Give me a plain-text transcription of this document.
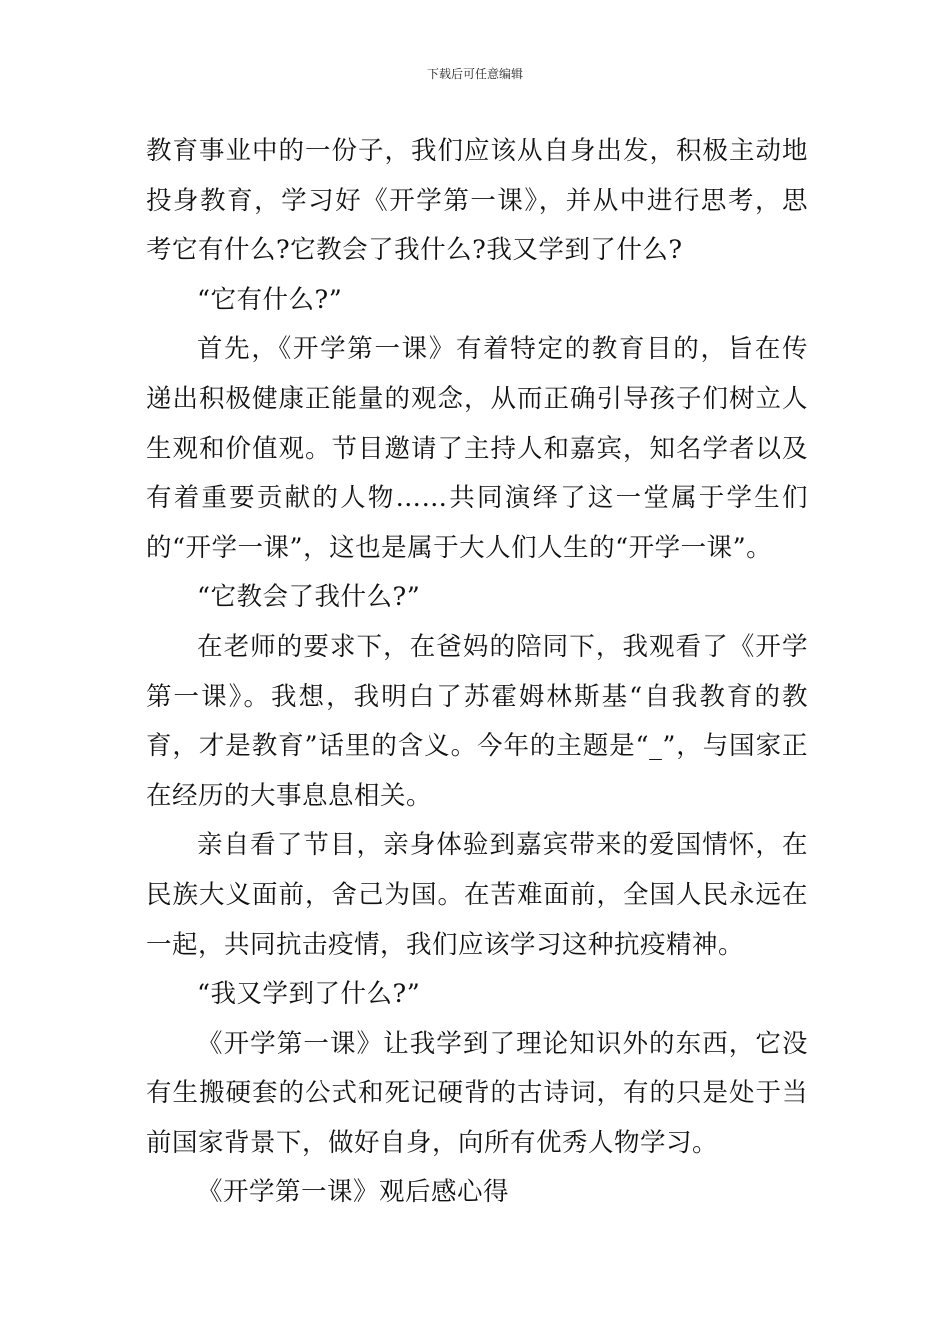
下载后可任意编辑

教育事业中的一份子，我们应该从自身出发，积极主动地投身教育，学习好《开学第一课》，并从中进行思考，思考它有什么?它教会了我什么?我又学到了什么?

“它有什么?”

首先，《开学第一课》有着特定的教育目的，旨在传递出积极健康正能量的观念，从而正确引导孩子们树立人生观和价值观。节目邀请了主持人和嘉宾，知名学者以及有着重要贡献的人物……共同演绎了这一堂属于学生们的“开学一课”，这也是属于大人们人生的“开学一课”。

“它教会了我什么?”

在老师的要求下，在爸妈的陪同下，我观看了《开学第一课》。我想，我明白了苏霍姆林斯基“自我教育的教育，才是教育”话里的含义。今年的主题是“_”，与国家正在经历的大事息息相关。

亲自看了节目，亲身体验到嘉宾带来的爱国情怀，在民族大义面前，舍己为国。在苦难面前，全国人民永远在一起，共同抗击疫情，我们应该学习这种抗疫精神。

“我又学到了什么?”

《开学第一课》让我学到了理论知识外的东西，它没有生搬硬套的公式和死记硬背的古诗词，有的只是处于当前国家背景下，做好自身，向所有优秀人物学习。

《开学第一课》观后感心得
